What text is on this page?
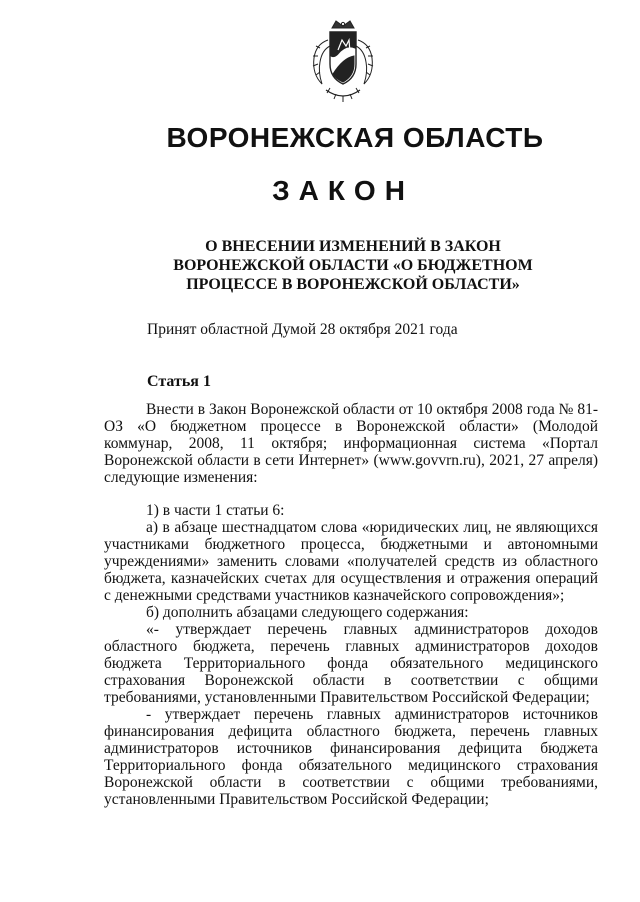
ВОРОНЕЖСКАЯ ОБЛАСТЬ
ЗАКОН
О ВНЕСЕНИИ ИЗМЕНЕНИЙ В ЗАКОН
ВОРОНЕЖСКОЙ ОБЛАСТИ «О БЮДЖЕТНОМ
ПРОЦЕССЕ В ВОРОНЕЖСКОЙ ОБЛАСТИ»
Принят областной Думой 28 октября 2021 года
Статья 1

Внести в Закон Воронежской области от 10 октября 2008 года № 81-ОЗ «О бюджетном процессе в Воронежской области» (Молодой коммунар, 2008, 11 октября; информационная система «Портал Воронежской области в сети Интернет» (www.govvrn.ru), 2021, 27 апреля) следующие изменения:

1) в части 1 статьи 6:

а) в абзаце шестнадцатом слова «юридических лиц, не являющихся участниками бюджетного процесса, бюджетными и автономными учреждениями» заменить словами «получателей средств из областного бюджета, казначейских счетах для осуществления и отражения операций с денежными средствами участников казначейского сопровождения»;

б) дополнить абзацами следующего содержания:

«- утверждает перечень главных администраторов доходов областного бюджета, перечень главных администраторов доходов бюджета Территориального фонда обязательного медицинского страхования Воронежской области в соответствии с общими требованиями, установленными Правительством Российской Федерации;

- утверждает перечень главных администраторов источников финансирования дефицита областного бюджета, перечень главных администраторов источников финансирования дефицита бюджета Территориального фонда обязательного медицинского страхования Воронежской области в соответствии с общими требованиями, установленными Правительством Российской Федерации;
